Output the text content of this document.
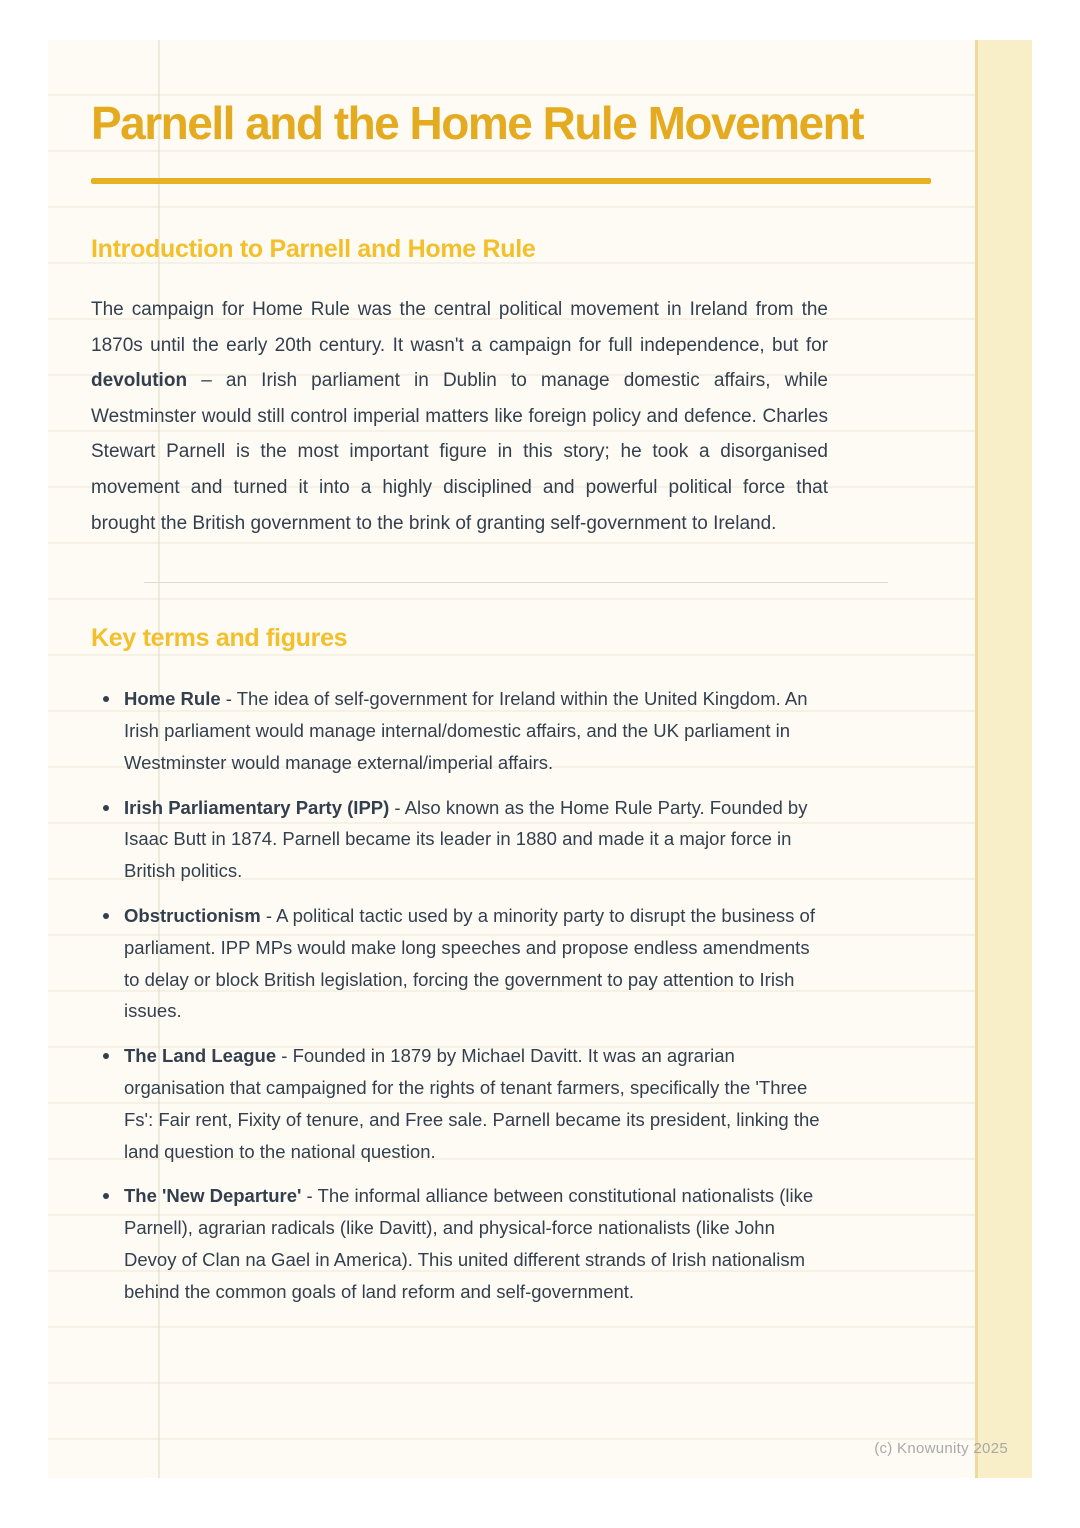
Parnell and the Home Rule Movement
Introduction to Parnell and Home Rule

The campaign for Home Rule was the central political movement in Ireland from the 1870s until the early 20th century. It wasn't a campaign for full independence, but for devolution – an Irish parliament in Dublin to manage domestic affairs, while Westminster would still control imperial matters like foreign policy and defence. Charles Stewart Parnell is the most important figure in this story; he took a disorganised movement and turned it into a highly disciplined and powerful political force that brought the British government to the brink of granting self-government to Ireland.

Key terms and figures
Home Rule - The idea of self-government for Ireland within the United Kingdom. An Irish parliament would manage internal/domestic affairs, and the UK parliament in Westminster would manage external/imperial affairs.
Irish Parliamentary Party (IPP) - Also known as the Home Rule Party. Founded by Isaac Butt in 1874. Parnell became its leader in 1880 and made it a major force in British politics.
Obstructionism - A political tactic used by a minority party to disrupt the business of parliament. IPP MPs would make long speeches and propose endless amendments to delay or block British legislation, forcing the government to pay attention to Irish issues.
The Land League - Founded in 1879 by Michael Davitt. It was an agrarian organisation that campaigned for the rights of tenant farmers, specifically the 'Three Fs': Fair rent, Fixity of tenure, and Free sale. Parnell became its president, linking the land question to the national question.
The 'New Departure' - The informal alliance between constitutional nationalists (like Parnell), agrarian radicals (like Davitt), and physical-force nationalists (like John Devoy of Clan na Gael in America). This united different strands of Irish nationalism behind the common goals of land reform and self-government.
(c) Knowunity 2025
